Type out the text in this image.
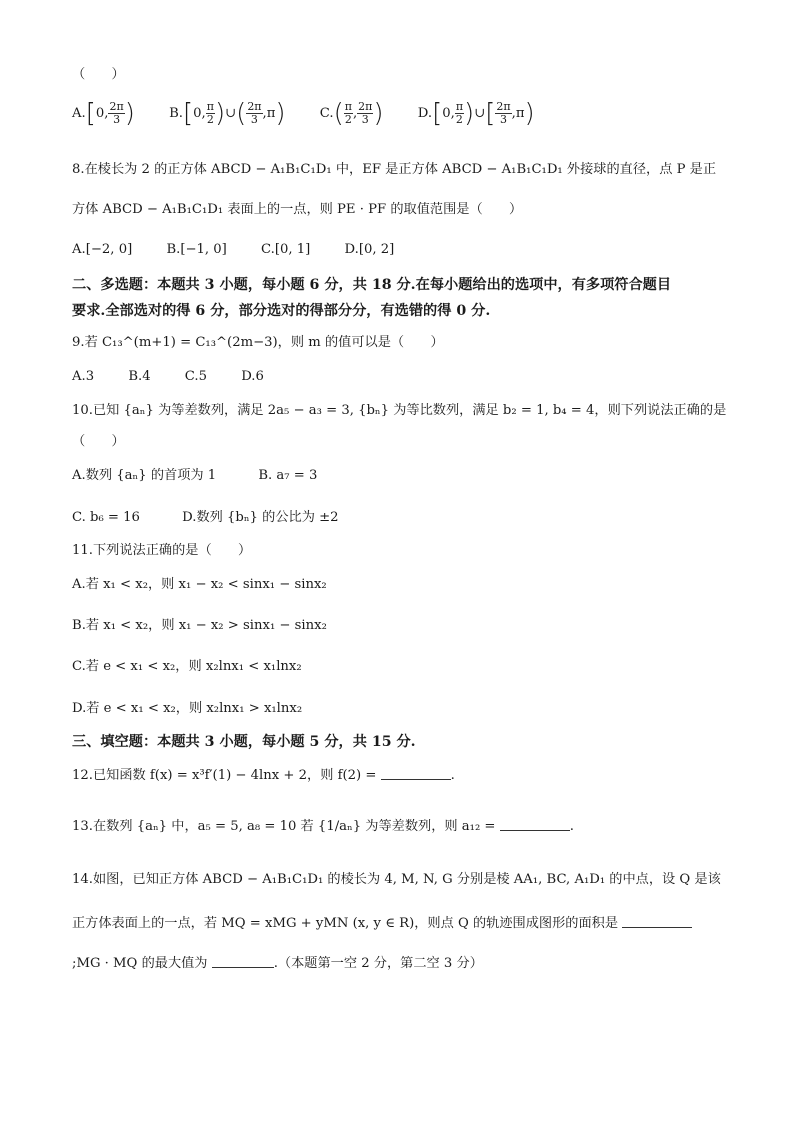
（　　）
A.[0, $\frac{2\pi}{3}$ )	B.[0, $\frac{\pi}{2}$ )∪( $\frac{2\pi}{3} ,\pi$)	$C.( \frac{\pi}{2}$ , $\frac{2\pi}{3}$ )	D.[0, $\frac{\pi}{2}$ )∪[ $\frac{2\pi}{3} ,\pi$)
8.在棱长为 2 的正方体 ABCD − A₁B₁C₁D₁ 中，EF 是正方体 ABCD − A₁B₁C₁D₁ 外接球的直径，点 P 是正
方体 ABCD − A₁B₁C₁D₁ 表面上的一点，则 PE · PF 的取值范围是（　　）
A.[−2, 0]	B.[−1, 0]	C.[0, 1]	D.[0, 2]
二、多选题：本题共 3 小题，每小题 6 分，共 18 分.在每小题给出的选项中，有多项符合题目
要求.全部选对的得 6 分，部分选对的得部分分，有选错的得 0 分.
9.若 C₁₃^(m+1) = C₁₃^(2m−3)，则 m 的值可以是（　　）
A.3	B.4	C.5	D.6
10.已知 {aₙ} 为等差数列，满足 2a₅ − a₃ = 3, {bₙ} 为等比数列，满足 b₂ = 1, b₄ = 4，则下列说法正确的是
（　　）
A.数列 {aₙ} 的首项为 1	B. a₇ = 3
C. b₆ = 16	D.数列 {bₙ} 的公比为 ±2
11.下列说法正确的是（　　）
A.若 x₁ < x₂，则 x₁ − x₂ < sinx₁ − sinx₂
B.若 x₁ < x₂，则 x₁ − x₂ > sinx₁ − sinx₂
C.若 e < x₁ < x₂，则 x₂lnx₁ < x₁lnx₂
D.若 e < x₁ < x₂，则 x₂lnx₁ > x₁lnx₂
三、填空题：本题共 3 小题，每小题 5 分，共 15 分.
12.已知函数 f(x) = x³f′(1) − 4lnx + 2，则 f(2) =	.
13.在数列 {aₙ} 中，a₅ = 5, a₈ = 10 若 {1/aₙ} 为等差数列，则 a₁₂ =	.
14.如图，已知正方体 ABCD − A₁B₁C₁D₁ 的棱长为 4, M, N, G 分别是棱 AA₁, BC, A₁D₁ 的中点，设 Q 是该
正方体表面上的一点，若 MQ = xMG + yMN (x, y ∈ R)，则点 Q 的轨迹围成图形的面积是
;MG · MQ 的最大值为	.（本题第一空 2 分，第二空 3 分）
